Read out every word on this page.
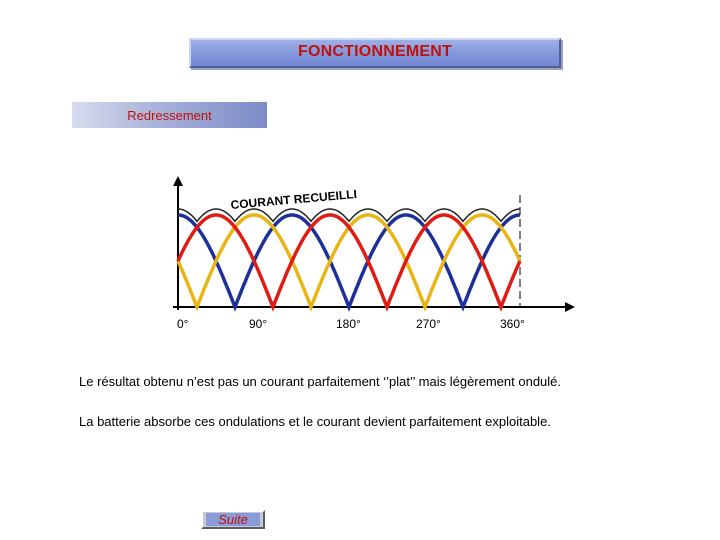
FONCTIONNEMENT
Redressement
COURANT RECUEILLI
0°	90°	180°	270°	360°
Le résultat obtenu n’est pas un courant parfaitement ‘’plat’’ mais légèrement ondulé.
La batterie absorbe ces ondulations et le courant devient parfaitement exploitable.
Suite
